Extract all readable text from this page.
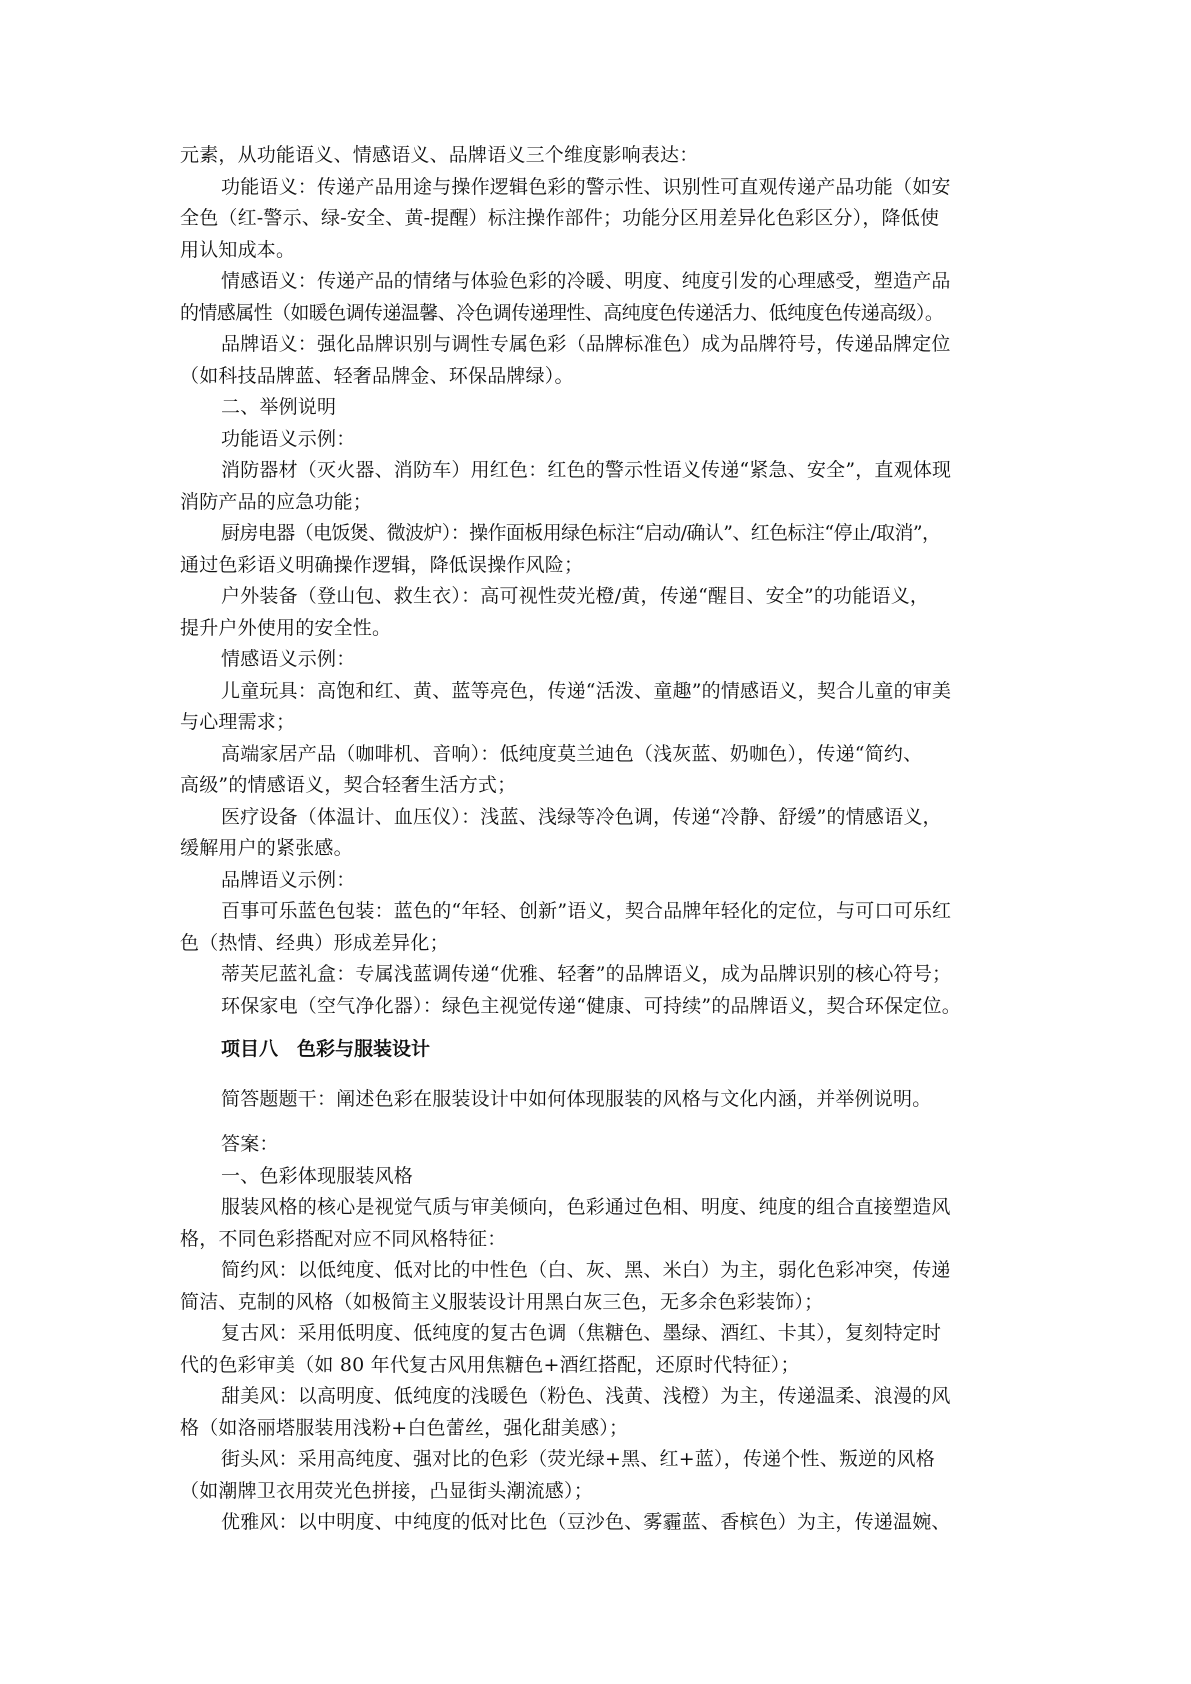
元素，从功能语义、情感语义、品牌语义三个维度影响表达：

功能语义：传递产品用途与操作逻辑色彩的警示性、识别性可直观传递产品功能（如安

全色（红-警示、绿-安全、黄-提醒）标注操作部件；功能分区用差异化色彩区分），降低使

用认知成本。

情感语义：传递产品的情绪与体验色彩的冷暖、明度、纯度引发的心理感受，塑造产品

的情感属性（如暖色调传递温馨、冷色调传递理性、高纯度色传递活力、低纯度色传递高级）。

品牌语义：强化品牌识别与调性专属色彩（品牌标准色）成为品牌符号，传递品牌定位

（如科技品牌蓝、轻奢品牌金、环保品牌绿）。

二、举例说明

功能语义示例：

消防器材（灭火器、消防车）用红色：红色的警示性语义传递“紧急、安全”，直观体现

消防产品的应急功能；

厨房电器（电饭煲、微波炉）：操作面板用绿色标注“启动/确认”、红色标注“停止/取消”，

通过色彩语义明确操作逻辑，降低误操作风险；

户外装备（登山包、救生衣）：高可视性荧光橙/黄，传递“醒目、安全”的功能语义，

提升户外使用的安全性。

情感语义示例：

儿童玩具：高饱和红、黄、蓝等亮色，传递“活泼、童趣”的情感语义，契合儿童的审美

与心理需求；

高端家居产品（咖啡机、音响）：低纯度莫兰迪色（浅灰蓝、奶咖色），传递“简约、

高级”的情感语义，契合轻奢生活方式；

医疗设备（体温计、血压仪）：浅蓝、浅绿等冷色调，传递“冷静、舒缓”的情感语义，

缓解用户的紧张感。

品牌语义示例：

百事可乐蓝色包装：蓝色的“年轻、创新”语义，契合品牌年轻化的定位，与可口可乐红

色（热情、经典）形成差异化；

蒂芙尼蓝礼盒：专属浅蓝调传递“优雅、轻奢”的品牌语义，成为品牌识别的核心符号；

环保家电（空气净化器）：绿色主视觉传递“健康、可持续”的品牌语义，契合环保定位。

项目八　色彩与服装设计

简答题题干：阐述色彩在服装设计中如何体现服装的风格与文化内涵，并举例说明。

答案：

一、色彩体现服装风格

服装风格的核心是视觉气质与审美倾向，色彩通过色相、明度、纯度的组合直接塑造风

格，不同色彩搭配对应不同风格特征：

简约风：以低纯度、低对比的中性色（白、灰、黑、米白）为主，弱化色彩冲突，传递

简洁、克制的风格（如极简主义服装设计用黑白灰三色，无多余色彩装饰）；

复古风：采用低明度、低纯度的复古色调（焦糖色、墨绿、酒红、卡其），复刻特定时

代的色彩审美（如 80 年代复古风用焦糖色+酒红搭配，还原时代特征）；

甜美风：以高明度、低纯度的浅暖色（粉色、浅黄、浅橙）为主，传递温柔、浪漫的风

格（如洛丽塔服装用浅粉+白色蕾丝，强化甜美感）；

街头风：采用高纯度、强对比的色彩（荧光绿+黑、红+蓝），传递个性、叛逆的风格

（如潮牌卫衣用荧光色拼接，凸显街头潮流感）；

优雅风：以中明度、中纯度的低对比色（豆沙色、雾霾蓝、香槟色）为主，传递温婉、
